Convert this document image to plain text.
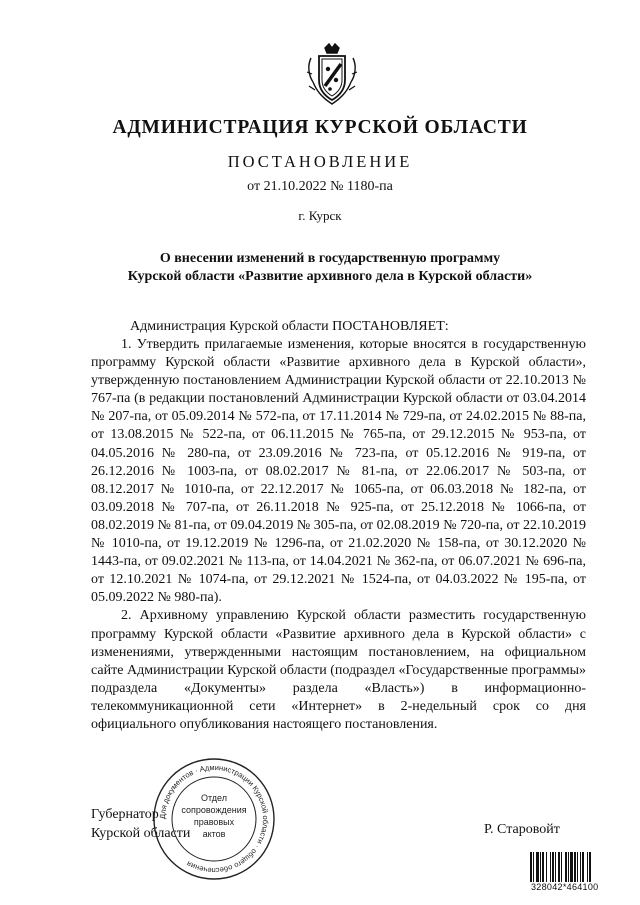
АДМИНИСТРАЦИЯ КУРСКОЙ ОБЛАСТИ
ПОСТАНОВЛЕНИЕ
от 21.10.2022 № 1180-па
г. Курск
О внесении изменений в государственную программу
Курской области «Развитие архивного дела в Курской области»
Администрация Курской области ПОСТАНОВЛЯЕТ:

1. Утвердить прилагаемые изменения, которые вносятся в государственную программу Курской области «Развитие архивного дела в Курской области», утвержденную постановлением Администрации Курской области от 22.10.2013 № 767-па (в редакции постановлений Администрации Курской области от 03.04.2014 № 207-па, от 05.09.2014 № 572-па, от 17.11.2014 № 729-па, от 24.02.2015 № 88-па, от 13.08.2015 № 522-па, от 06.11.2015 № 765-па, от 29.12.2015 № 953-па, от 04.05.2016 № 280-па, от 23.09.2016 № 723-па, от 05.12.2016 № 919-па, от 26.12.2016 № 1003-па, от 08.02.2017 № 81-па, от 22.06.2017 № 503-па, от 08.12.2017 № 1010-па, от 22.12.2017 № 1065-па, от 06.03.2018 № 182-па, от 03.09.2018 № 707-па, от 26.11.2018 № 925-па, от 25.12.2018 № 1066-па, от 08.02.2019 № 81-па, от 09.04.2019 № 305-па, от 02.08.2019 № 720-па, от 22.10.2019 № 1010-па, от 19.12.2019 № 1296-па, от 21.02.2020 № 158-па, от 30.12.2020 № 1443-па, от 09.02.2021 № 113-па, от 14.04.2021 № 362-па, от 06.07.2021 № 696-па, от 12.10.2021 № 1074-па, от 29.12.2021 № 1524-па, от 04.03.2022 № 195-па, от 05.09.2022 № 980-па).

2. Архивному управлению Курской области разместить государственную программу Курской области «Развитие архивного дела в Курской области» с изменениями, утвержденными настоящим постановлением, на официальном сайте Администрации Курской области (подраздел «Государственные программы» подраздела «Документы» раздела «Власть») в информационно-телекоммуникационной сети «Интернет» в 2-недельный срок со дня официального опубликования настоящего постановления.

Губернатор
Курской области	Р. Старовойт
Для документов · Администрации Курской области · общего обеспечения
Отдел
сопровождения
правовых
актов
328042*464100
